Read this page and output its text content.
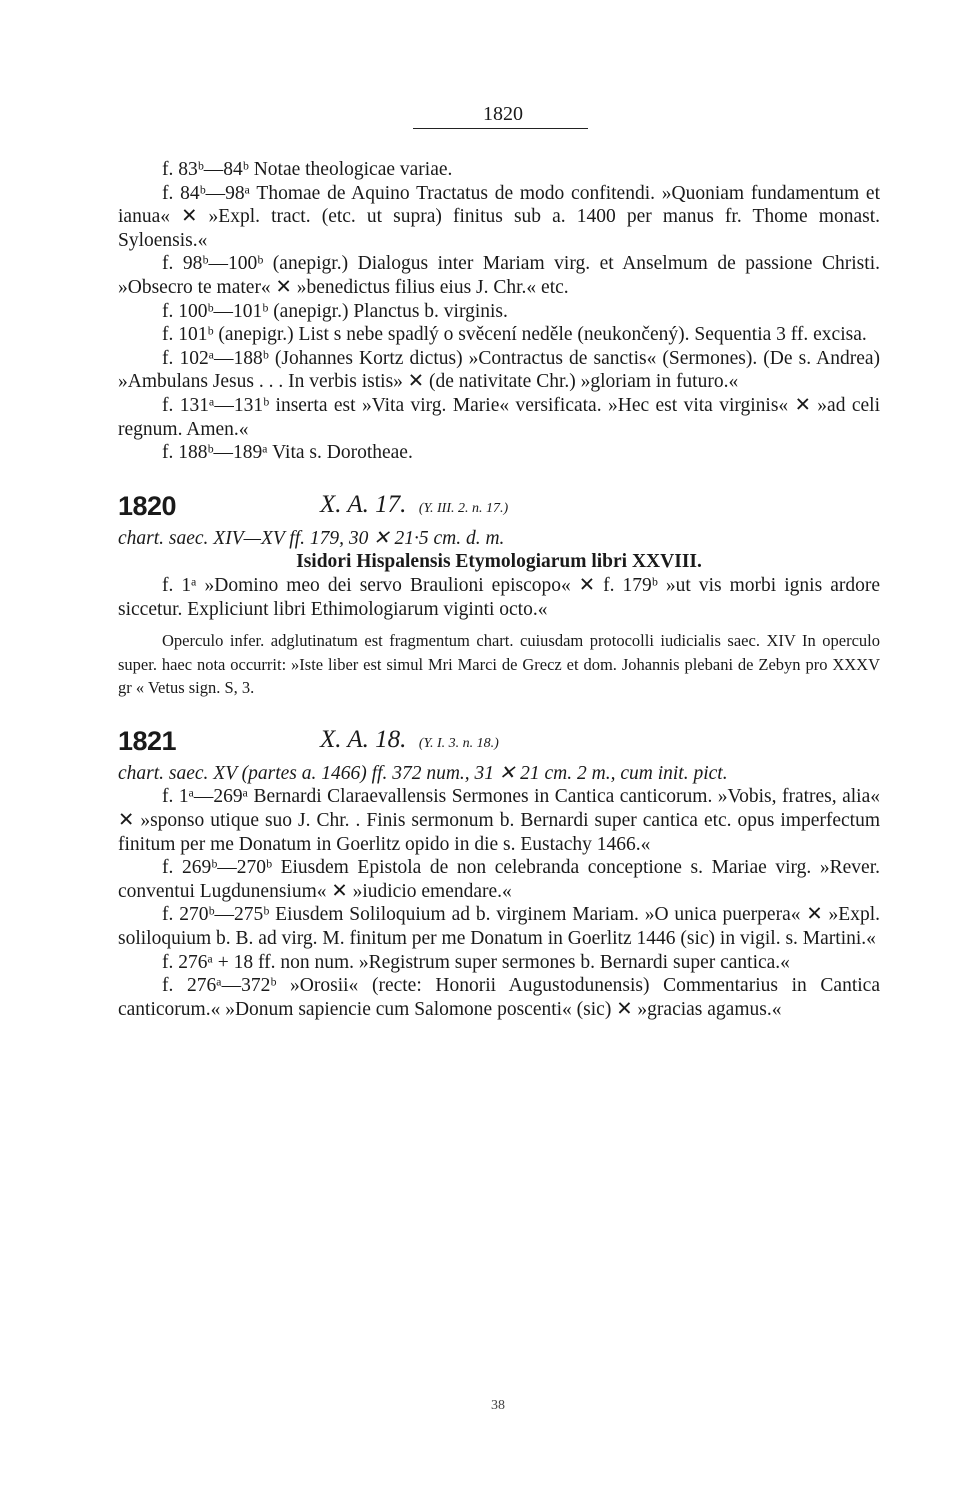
1820

f. 83ᵇ—84ᵇ Notae theologicae variae.

f. 84ᵇ—98ᵃ Thomae de Aquino Tractatus de modo confitendi. »Quoniam fundamentum et ianua« ✕ »Expl. tract. (etc. ut supra) finitus sub a. 1400 per manus fr. Thome monast. Syloensis.«

f. 98ᵇ—100ᵇ (anepigr.) Dialogus inter Mariam virg. et Anselmum de passione Christi. »Obsecro te mater« ✕ »benedictus filius eius J. Chr.« etc.

f. 100ᵇ—101ᵇ (anepigr.) Planctus b. virginis.

f. 101ᵇ (anepigr.) List s nebe spadlý o svěcení neděle (neukončený). Sequentia 3 ff. excisa.

f. 102ᵃ—188ᵇ (Johannes Kortz dictus) »Contractus de sanctis« (Sermones). (De s. Andrea) »Ambulans Jesus . . . In verbis istis» ✕ (de nativitate Chr.) »gloriam in futuro.«

f. 131ᵃ—131ᵇ inserta est »Vita virg. Marie« versificata. »Hec est vita virginis« ✕ »ad celi regnum. Amen.«

f. 188ᵇ—189ᵃ Vita s. Dorotheae.

1820	X. A. 17. (Y. III. 2. n. 17.)

chart. saec. XIV—XV ff. 179, 30 ✕ 21·5 cm. d. m.

Isidori Hispalensis Etymologiarum libri XXVIII.

f. 1ᵃ »Domino meo dei servo Braulioni episcopo« ✕ f. 179ᵇ »ut vis morbi ignis ardore siccetur. Expliciunt libri Ethimologiarum viginti octo.«

Operculo infer. adglutinatum est fragmentum chart. cuiusdam protocolli iudicialis saec. XIV In operculo super. haec nota occurrit: »Iste liber est simul Mri Marci de Grecz et dom. Johannis plebani de Zebyn pro XXXV gr « Vetus sign. S, 3.

1821	X. A. 18. (Y. I. 3. n. 18.)

chart. saec. XV (partes a. 1466) ff. 372 num., 31 ✕ 21 cm. 2 m., cum init. pict.

f. 1ᵃ—269ᵃ Bernardi Claraevallensis Sermones in Cantica canticorum. »Vobis, fratres, alia« ✕ »sponso utique suo J. Chr. . Finis sermonum b. Bernardi super cantica etc. opus imperfectum finitum per me Donatum in Goerlitz opido in die s. Eustachy 1466.«

f. 269ᵇ—270ᵇ Eiusdem Epistola de non celebranda conceptione s. Mariae virg. »Rever. conventui Lugdunensium« ✕ »iudicio emendare.«

f. 270ᵇ—275ᵇ Eiusdem Soliloquium ad b. virginem Mariam. »O unica puerpera« ✕ »Expl. soliloquium b. B. ad virg. M. finitum per me Donatum in Goerlitz 1446 (sic) in vigil. s. Martini.«

f. 276ᵃ + 18 ff. non num. »Registrum super sermones b. Bernardi super cantica.«

f. 276ᵃ—372ᵇ »Orosii« (recte: Honorii Augustodunensis) Commentarius in Cantica canticorum.« »Donum sapiencie cum Salomone poscenti« (sic) ✕ »gracias agamus.«

38
